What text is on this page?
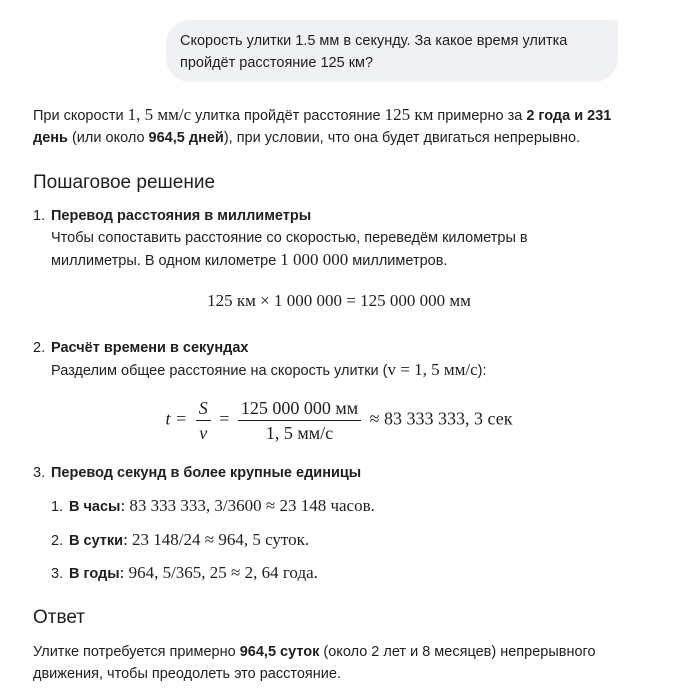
Скорость улитки 1.5 мм в секунду. За какое время улитка
пройдёт расстояние 125 км?
При скорости 1, 5 мм/с улитка пройдёт расстояние 125 км примерно за 2 года и 231
день (или около 964,5 дней), при условии, что она будет двигаться непрерывно.
Пошаговое решение
1. Перевод расстояния в миллиметры
Чтобы сопоставить расстояние со скоростью, переведём километры в
миллиметры. В одном километре 1 000 000 миллиметров.
125 км × 1 000 000 = 125 000 000 мм
2. Расчёт времени в секундах
Разделим общее расстояние на скорость улитки (v = 1, 5 мм/с):
$t = \frac{S}{v} = \frac{125 000 000 мм}{1, 5 мм/с} \approx 83$ 333 333, 3 сек
3. Перевод секунд в более крупные единицы
1. В часы: 83 333 333, 3/3600 ≈ 23 148 часов.
2. В сутки: 23 148/24 ≈ 964, 5 суток.
3. В годы: 964, 5/365, 25 ≈ 2, 64 года.
Ответ
Улитке потребуется примерно 964,5 суток (около 2 лет и 8 месяцев) непрерывного
движения, чтобы преодолеть это расстояние.
